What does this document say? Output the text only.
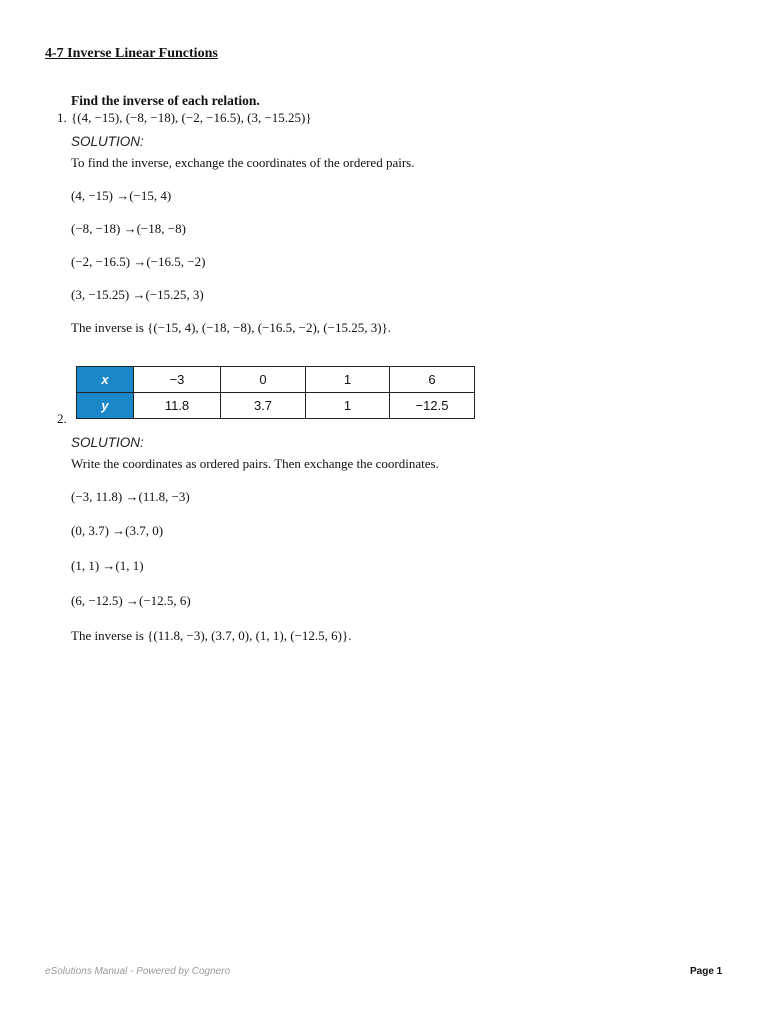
4-7 Inverse Linear Functions
Find the inverse of each relation.
1. {(4, −15), (−8, −18), (−2, −16.5), (3, −15.25)}
SOLUTION:
To find the inverse, exchange the coordinates of the ordered pairs.
(4, −15) →(−15, 4)
(−8, −18) →(−18, −8)
(−2, −16.5) →(−16.5, −2)
(3, −15.25) →(−15.25, 3)
The inverse is {(−15, 4), (−18, −8), (−16.5, −2), (−15.25, 3)}.
x	−3	0	1	6
y	11.8	3.7	1	−12.5
2.
SOLUTION:
Write the coordinates as ordered pairs. Then exchange the coordinates.
(−3, 11.8) →(11.8, −3)
(0, 3.7) →(3.7, 0)
(1, 1) →(1, 1)
(6, −12.5) →(−12.5, 6)
The inverse is {(11.8, −3), (3.7, 0), (1, 1), (−12.5, 6)}.
eSolutions Manual - Powered by Cognero	Page 1
